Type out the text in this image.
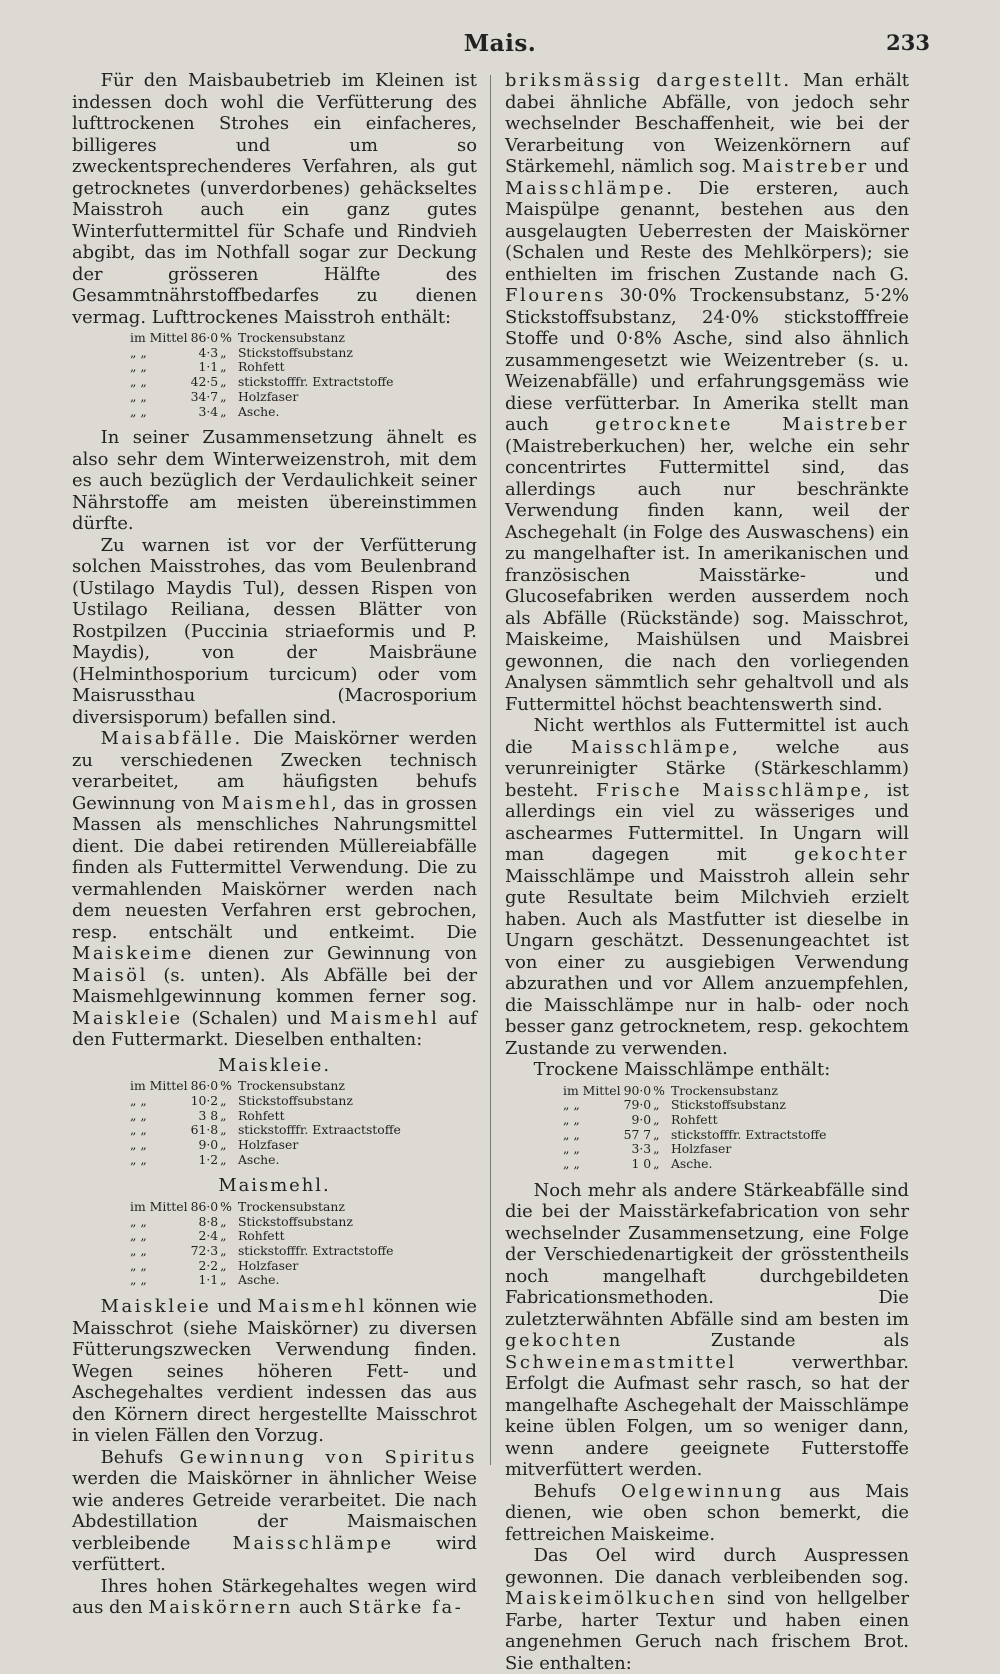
Mais.	233

Für den Maisbaubetrieb im Kleinen ist indessen doch wohl die Verfütterung des lufttrockenen Strohes ein einfacheres, billigeres und um so zweckentsprechenderes Verfahren, als gut getrocknetes (unverdorbenes) gehäckseltes Maisstroh auch ein ganz gutes Winterfuttermittel für Schafe und Rindvieh abgibt, das im Nothfall sogar zur Deckung der grösseren Hälfte des Gesammtnährstoffbedarfes zu dienen vermag. Lufttrockenes Maisstroh enthält:

im Mittel	86·0	%	Trockensubstanz
„ „	4·3	„	Stickstoffsubstanz
„ „	1·1	„	Rohfett
„ „	42·5	„	stickstofffr. Extractstoffe
„ „	34·7	„	Holzfaser
„ „	3·4	„	Asche.

In seiner Zusammensetzung ähnelt es also sehr dem Winterweizenstroh, mit dem es auch bezüglich der Verdaulichkeit seiner Nährstoffe am meisten übereinstimmen dürfte.

Zu warnen ist vor der Verfütterung solchen Maisstrohes, das vom Beulenbrand (Ustilago Maydis Tul), dessen Rispen von Ustilago Reiliana, dessen Blätter von Rostpilzen (Puccinia striaeformis und P. Maydis), von der Maisbräune (Helminthosporium turcicum) oder vom Maisrussthau (Macrosporium diversisporum) befallen sind.

Maisabfälle. Die Maiskörner werden zu verschiedenen Zwecken technisch verarbeitet, am häufigsten behufs Gewinnung von Maismehl, das in grossen Massen als menschliches Nahrungsmittel dient. Die dabei retirenden Müllereiabfälle finden als Futtermittel Verwendung. Die zu vermahlenden Maiskörner werden nach dem neuesten Verfahren erst gebrochen, resp. entschält und entkeimt. Die Maiskeime dienen zur Gewinnung von Maisöl (s. unten). Als Abfälle bei der Maismehlgewinnung kommen ferner sog. Maiskleie (Schalen) und Maismehl auf den Futtermarkt. Dieselben enthalten:

Maiskleie.
im Mittel	86·0	%	Trockensubstanz
„ „	10·2	„	Stickstoffsubstanz
„ „	3 8	„	Rohfett
„ „	61·8	„	stickstofffr. Extraactstoffe
„ „	9·0	„	Holzfaser
„ „	1·2	„	Asche.
Maismehl.
im Mittel	86·0	%	Trockensubstanz
„ „	8·8	„	Stickstoffsubstanz
„ „	2·4	„	Rohfett
„ „	72·3	„	stickstofffr. Extractstoffe
„ „	2·2	„	Holzfaser
„ „	1·1	„	Asche.

Maiskleie und Maismehl können wie Maisschrot (siehe Maiskörner) zu diversen Fütterungszwecken Verwendung finden. Wegen seines höheren Fett- und Aschegehaltes verdient indessen das aus den Körnern direct hergestellte Maisschrot in vielen Fällen den Vorzug.

Behufs Gewinnung von Spiritus werden die Maiskörner in ähnlicher Weise wie anderes Getreide verarbeitet. Die nach Abdestillation der Maismaischen verbleibende Maisschlämpe wird verfüttert.

Ihres hohen Stärkegehaltes wegen wird aus den Maiskörnern auch Stärke fa-

briksmässig dargestellt. Man erhält dabei ähnliche Abfälle, von jedoch sehr wechselnder Beschaffenheit, wie bei der Verarbeitung von Weizenkörnern auf Stärkemehl, nämlich sog. Maistreber und Maisschlämpe. Die ersteren, auch Maispülpe genannt, bestehen aus den ausgelaugten Ueberresten der Maiskörner (Schalen und Reste des Mehlkörpers); sie enthielten im frischen Zustande nach G. Flourens 30·0% Trockensubstanz, 5·2% Stickstoffsubstanz, 24·0% stickstofffreie Stoffe und 0·8% Asche, sind also ähnlich zusammengesetzt wie Weizentreber (s. u. Weizenabfälle) und erfahrungsgemäss wie diese verfütterbar. In Amerika stellt man auch getrocknete Maistreber (Maistreberkuchen) her, welche ein sehr concentrirtes Futtermittel sind, das allerdings auch nur beschränkte Verwendung finden kann, weil der Aschegehalt (in Folge des Auswaschens) ein zu mangelhafter ist. In amerikanischen und französischen Maisstärke- und Glucosefabriken werden ausserdem noch als Abfälle (Rückstände) sog. Maisschrot, Maiskeime, Maishülsen und Maisbrei gewonnen, die nach den vorliegenden Analysen sämmtlich sehr gehaltvoll und als Futtermittel höchst beachtenswerth sind.

Nicht werthlos als Futtermittel ist auch die Maisschlämpe, welche aus verunreinigter Stärke (Stärkeschlamm) besteht. Frische Maisschlämpe, ist allerdings ein viel zu wässeriges und aschearmes Futtermittel. In Ungarn will man dagegen mit gekochter Maisschlämpe und Maisstroh allein sehr gute Resultate beim Milchvieh erzielt haben. Auch als Mastfutter ist dieselbe in Ungarn geschätzt. Dessenungeachtet ist von einer zu ausgiebigen Verwendung abzurathen und vor Allem anzuempfehlen, die Maisschlämpe nur in halb- oder noch besser ganz getrocknetem, resp. gekochtem Zustande zu verwenden.

Trockene Maisschlämpe enthält:

im Mittel	90·0	%	Trockensubstanz
„ „	79·0	„	Stickstoffsubstanz
„ „	9·0	„	Rohfett
„ „	57 7	„	stickstofffr. Extractstoffe
„ „	3·3	„	Holzfaser
„ „	1 0	„	Asche.

Noch mehr als andere Stärkeabfälle sind die bei der Maisstärkefabrication von sehr wechselnder Zusammensetzung, eine Folge der Verschiedenartigkeit der grösstentheils noch mangelhaft durchgebildeten Fabricationsmethoden. Die zuletzterwähnten Abfälle sind am besten im gekochten Zustande als Schweinemastmittel verwerthbar. Erfolgt die Aufmast sehr rasch, so hat der mangelhafte Aschegehalt der Maisschlämpe keine üblen Folgen, um so weniger dann, wenn andere geeignete Futterstoffe mitverfüttert werden.

Behufs Oelgewinnung aus Mais dienen, wie oben schon bemerkt, die fettreichen Maiskeime.

Das Oel wird durch Auspressen gewonnen. Die danach verbleibenden sog. Maiskeimölkuchen sind von hellgelber Farbe, harter Textur und haben einen angenehmen Geruch nach frischem Brot. Sie enthalten:
